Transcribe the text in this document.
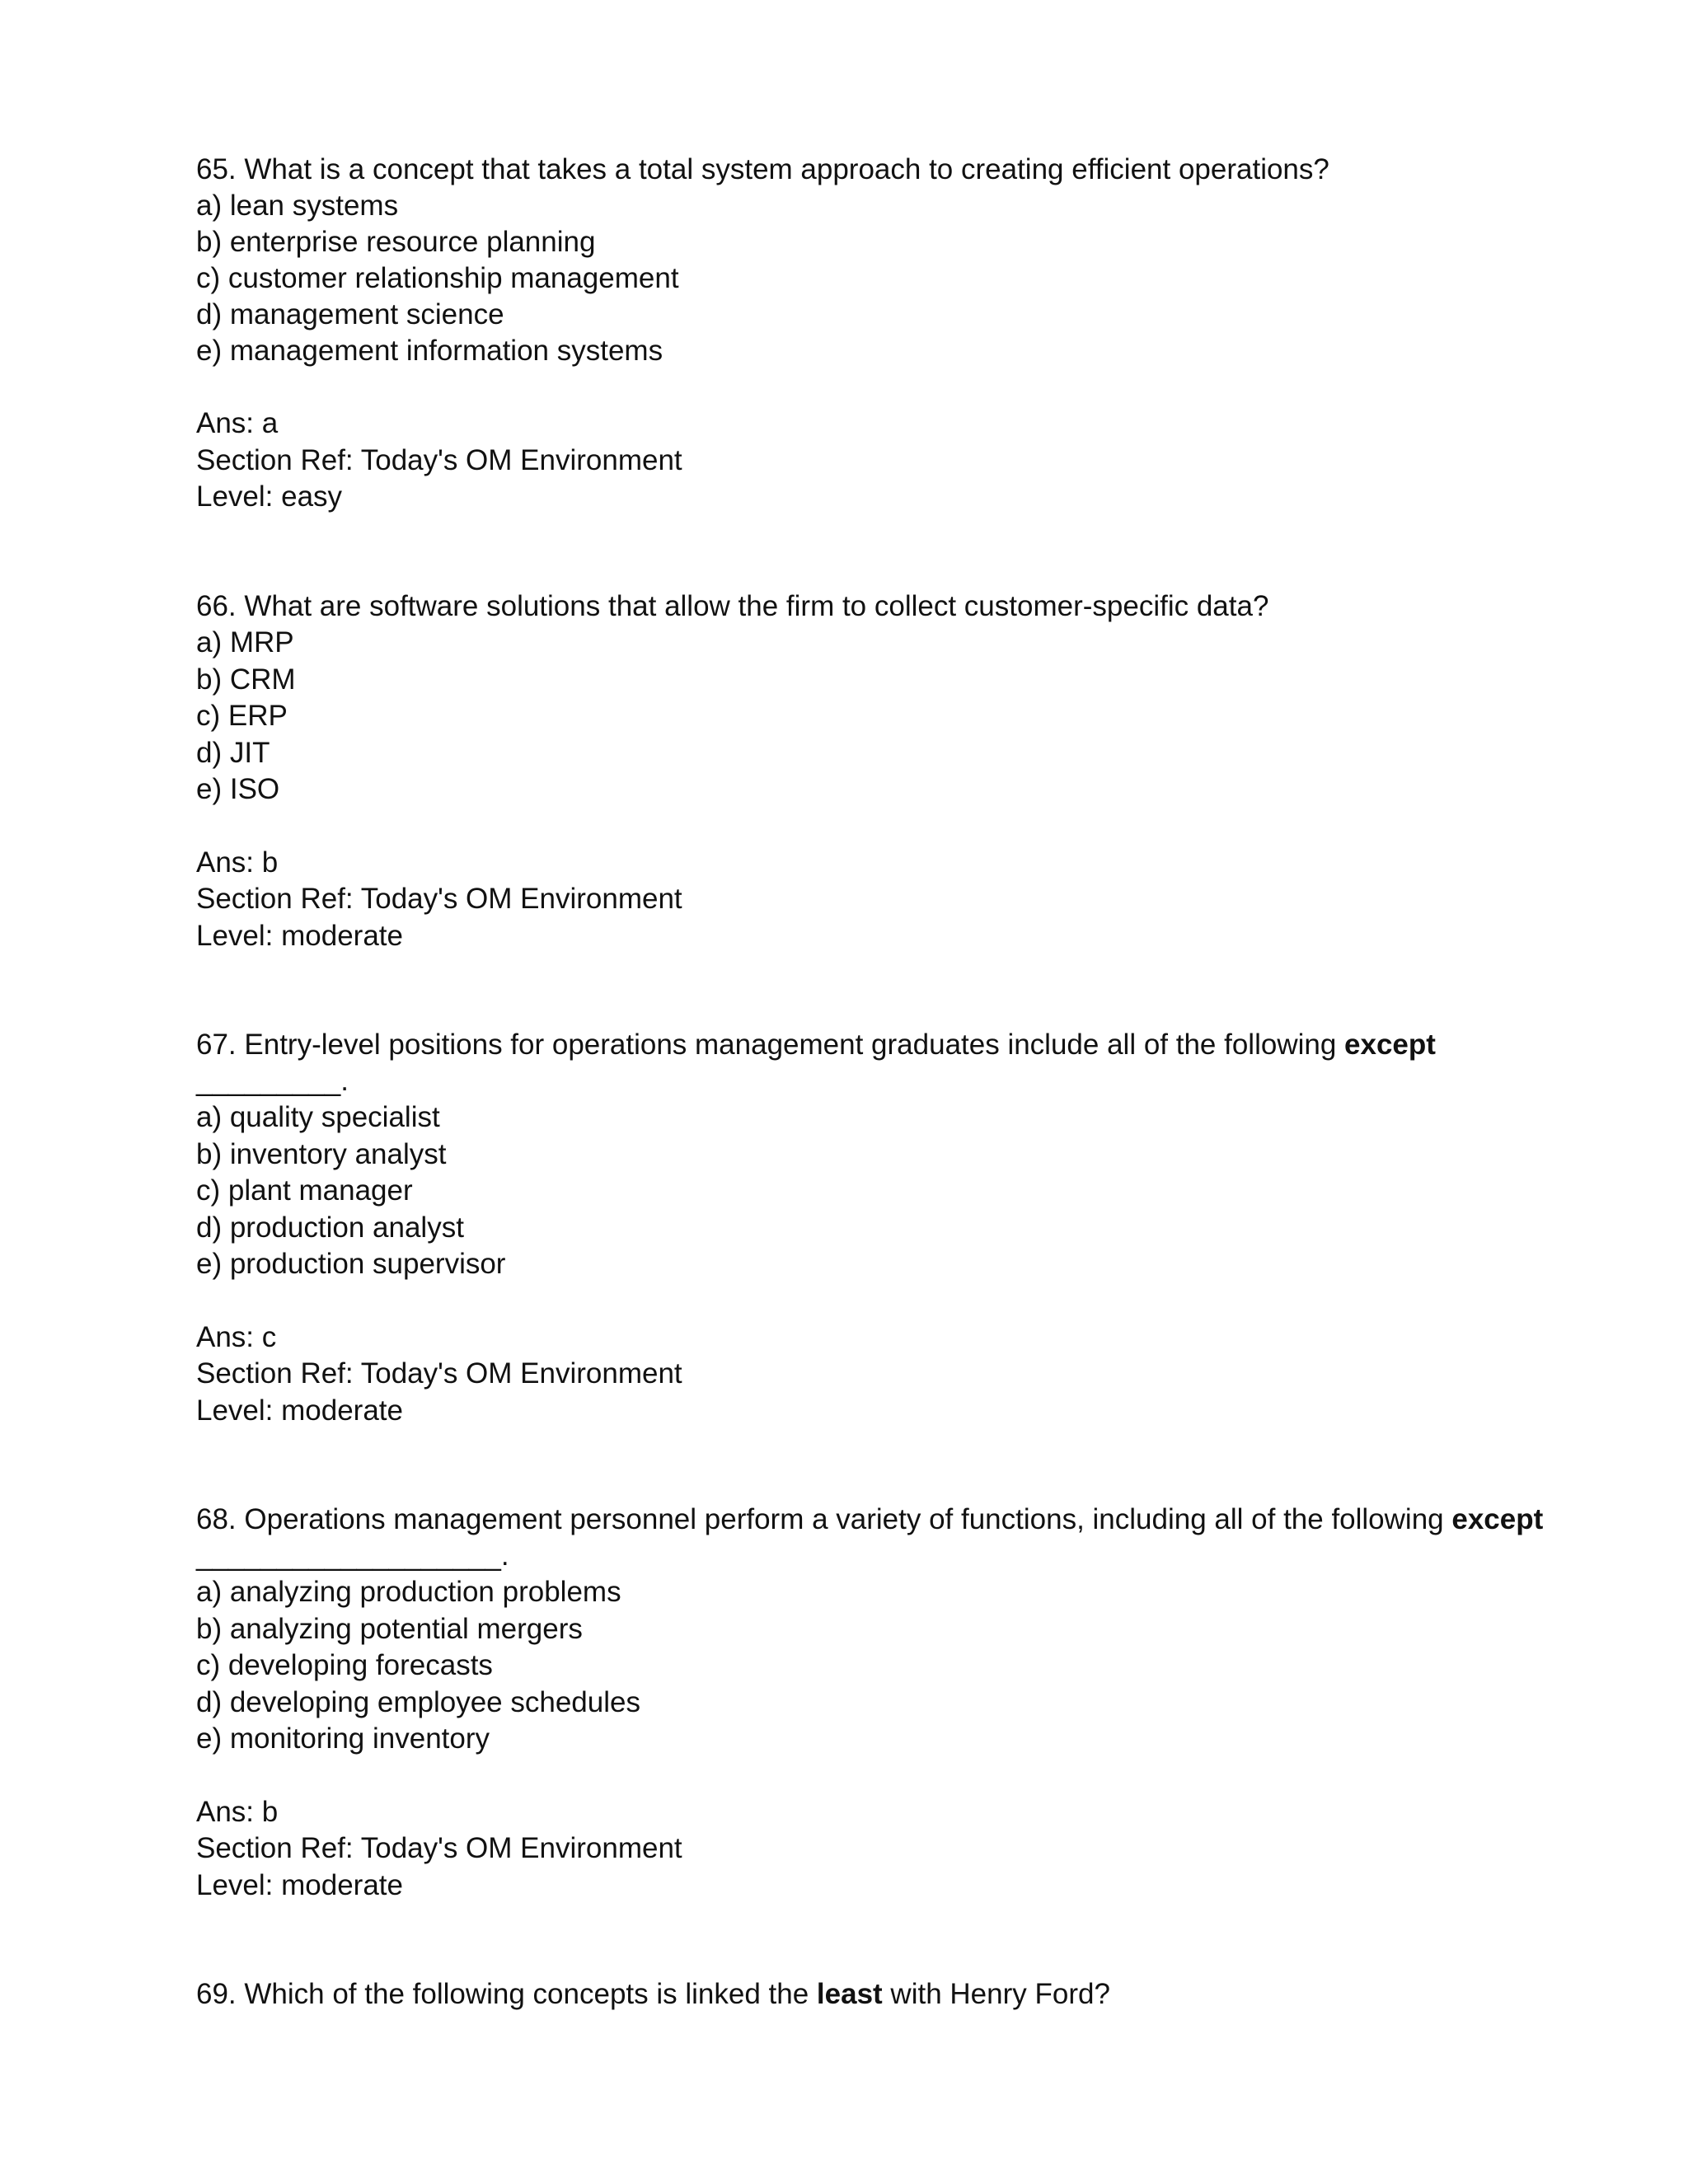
65. What is a concept that takes a total system approach to creating efficient operations?
a) lean systems
b) enterprise resource planning
c) customer relationship management
d) management science
e) management information systems
Ans: a
Section Ref: Today's OM Environment
Level: easy
66. What are software solutions that allow the firm to collect customer-specific data?
a) MRP
b) CRM
c) ERP
d) JIT
e) ISO
Ans: b
Section Ref: Today's OM Environment
Level: moderate
67. Entry-level positions for operations management graduates include all of the following except
_________.
a) quality specialist
b) inventory analyst
c) plant manager
d) production analyst
e) production supervisor
Ans: c
Section Ref: Today's OM Environment
Level: moderate
68. Operations management personnel perform a variety of functions, including all of the following except
___________________.
a) analyzing production problems
b) analyzing potential mergers
c) developing forecasts
d) developing employee schedules
e) monitoring inventory
Ans: b
Section Ref: Today's OM Environment
Level: moderate
69. Which of the following concepts is linked the least with Henry Ford?
